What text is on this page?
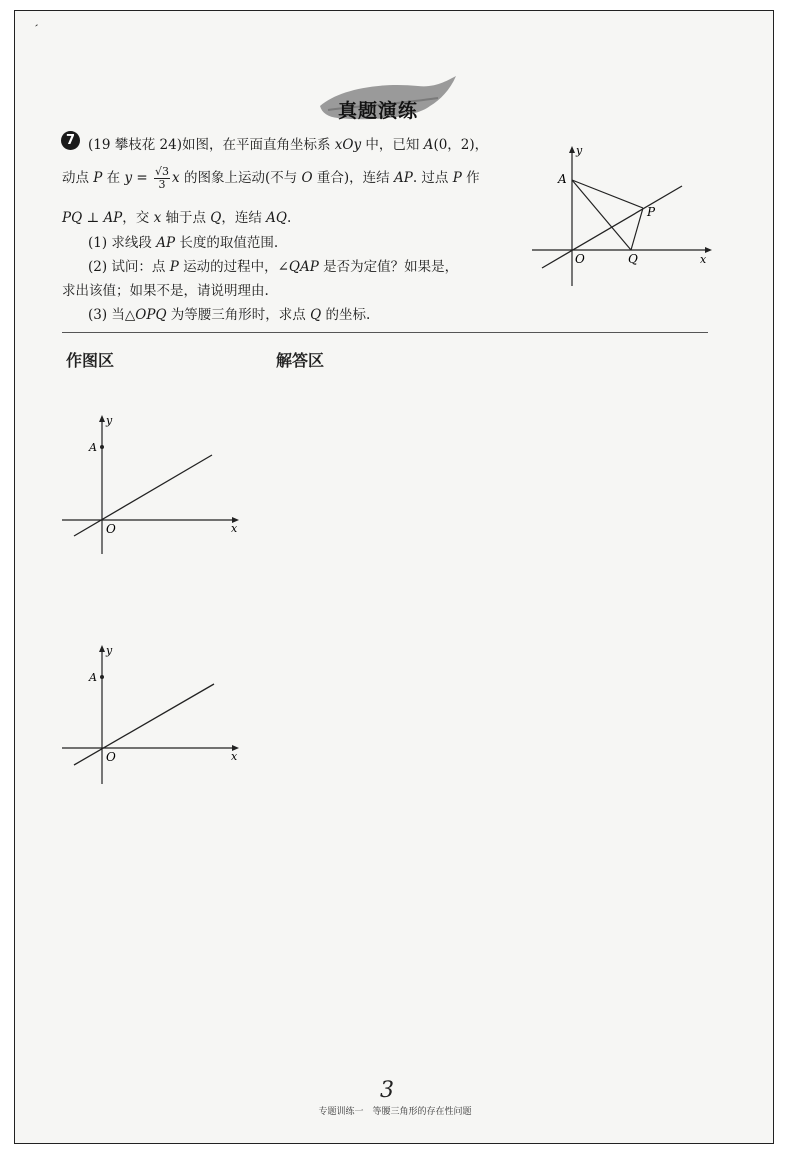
′
真题演练
7 (19 攀枝花 24)如图，在平面直角坐标系 xOy 中，已知 A(0，2)，
动点 P 在 $y = \frac{√3}{3}$ x 的图象上运动(不与 O 重合)，连结 AP. 过点 P 作
PQ ⊥ AP，交 x 轴于点 Q，连结 AQ.
(1) 求线段 AP 长度的取值范围.
(2) 试问：点 P 运动的过程中，∠QAP 是否为定值？如果是，
求出该值；如果不是，请说明理由.
(3) 当△OPQ 为等腰三角形时，求点 Q 的坐标.
y
A
P
O	Q	x
作图区	解答区
y
A
O	x
y
A
O	x
3
专题训练一　等腰三角形的存在性问题
